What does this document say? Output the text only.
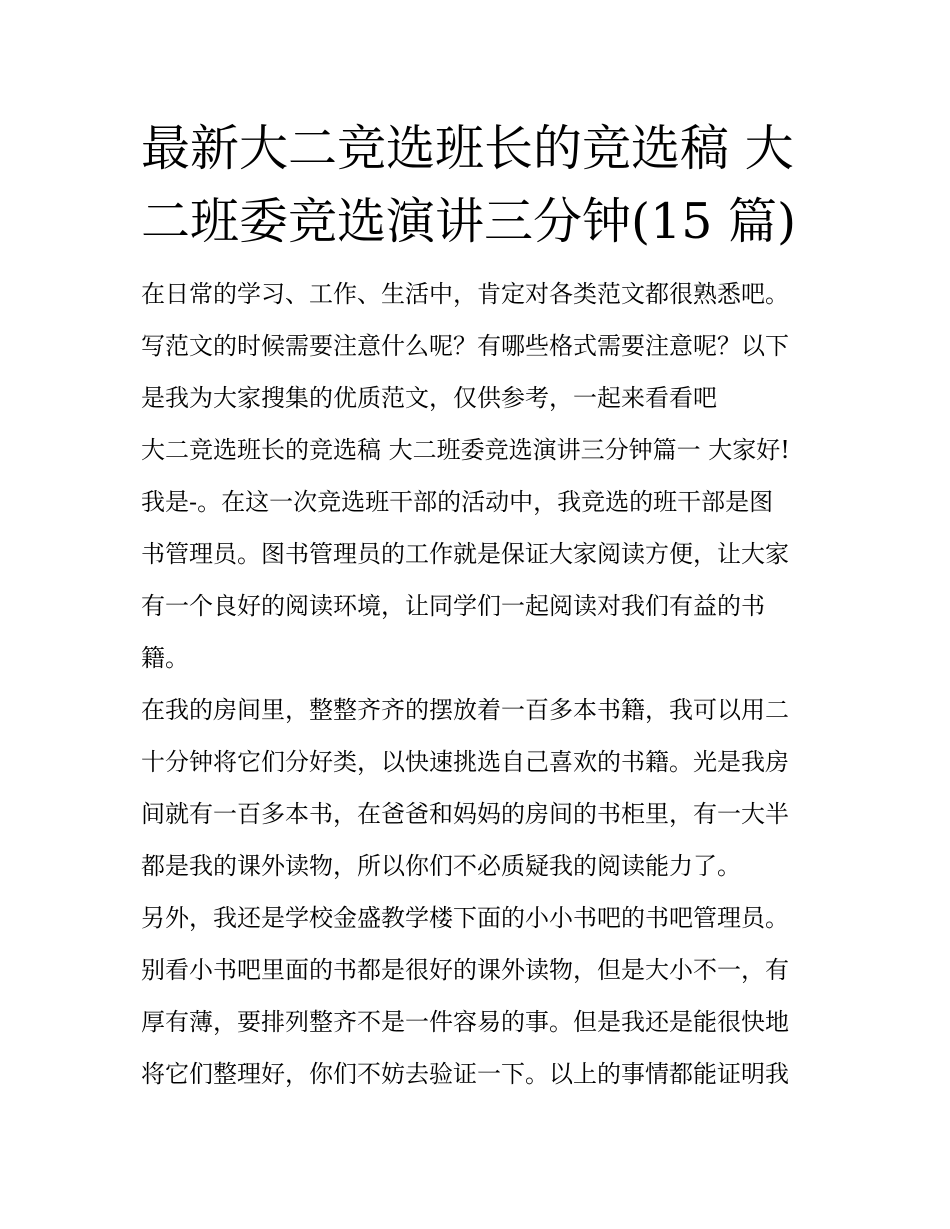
最新大二竞选班长的竞选稿 大
二班委竞选演讲三分钟(15 篇)
在日常的学习、工作、生活中，肯定对各类范文都很熟悉吧。
写范文的时候需要注意什么呢？有哪些格式需要注意呢？以下
是我为大家搜集的优质范文，仅供参考，一起来看看吧
大二竞选班长的竞选稿 大二班委竞选演讲三分钟篇一 大家好!
我是-。在这一次竞选班干部的活动中，我竞选的班干部是图
书管理员。图书管理员的工作就是保证大家阅读方便，让大家
有一个良好的阅读环境，让同学们一起阅读对我们有益的书
籍。
在我的房间里，整整齐齐的摆放着一百多本书籍，我可以用二
十分钟将它们分好类，以快速挑选自己喜欢的书籍。光是我房
间就有一百多本书，在爸爸和妈妈的房间的书柜里，有一大半
都是我的课外读物，所以你们不必质疑我的阅读能力了。
另外，我还是学校金盛教学楼下面的小小书吧的书吧管理员。
别看小书吧里面的书都是很好的课外读物，但是大小不一，有
厚有薄，要排列整齐不是一件容易的事。但是我还是能很快地
将它们整理好，你们不妨去验证一下。以上的事情都能证明我
